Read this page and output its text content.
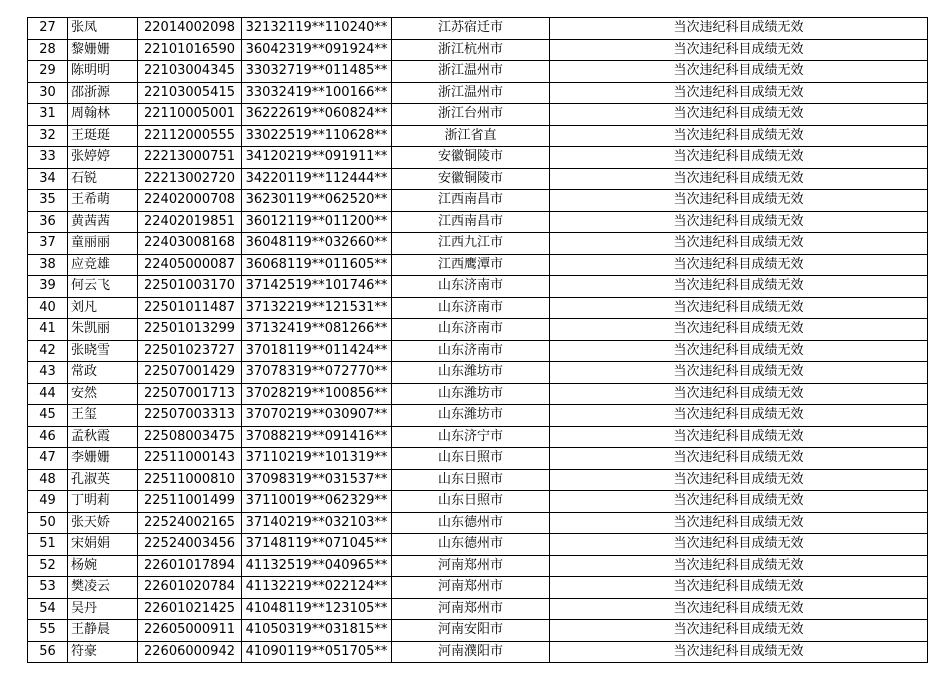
27	张凤	22014002098	32132119**110240**	江苏宿迁市	当次违纪科目成绩无效
28	黎姗姗	22101016590	36042319**091924**	浙江杭州市	当次违纪科目成绩无效
29	陈明明	22103004345	33032719**011485**	浙江温州市	当次违纪科目成绩无效
30	邵浙源	22103005415	33032419**100166**	浙江温州市	当次违纪科目成绩无效
31	周翰林	22110005001	36222619**060824**	浙江台州市	当次违纪科目成绩无效
32	王珽珽	22112000555	33022519**110628**	浙江省直	当次违纪科目成绩无效
33	张婷婷	22213000751	34120219**091911**	安徽铜陵市	当次违纪科目成绩无效
34	石锐	22213002720	34220119**112444**	安徽铜陵市	当次违纪科目成绩无效
35	王希萌	22402000708	36230119**062520**	江西南昌市	当次违纪科目成绩无效
36	黄茜茜	22402019851	36012119**011200**	江西南昌市	当次违纪科目成绩无效
37	童丽丽	22403008168	36048119**032660**	江西九江市	当次违纪科目成绩无效
38	应竞雄	22405000087	36068119**011605**	江西鹰潭市	当次违纪科目成绩无效
39	何云飞	22501003170	37142519**101746**	山东济南市	当次违纪科目成绩无效
40	刘凡	22501011487	37132219**121531**	山东济南市	当次违纪科目成绩无效
41	朱凯丽	22501013299	37132419**081266**	山东济南市	当次违纪科目成绩无效
42	张晓雪	22501023727	37018119**011424**	山东济南市	当次违纪科目成绩无效
43	常政	22507001429	37078319**072770**	山东潍坊市	当次违纪科目成绩无效
44	安然	22507001713	37028219**100856**	山东潍坊市	当次违纪科目成绩无效
45	王玺	22507003313	37070219**030907**	山东潍坊市	当次违纪科目成绩无效
46	孟秋霞	22508003475	37088219**091416**	山东济宁市	当次违纪科目成绩无效
47	李姗姗	22511000143	37110219**101319**	山东日照市	当次违纪科目成绩无效
48	孔淑英	22511000810	37098319**031537**	山东日照市	当次违纪科目成绩无效
49	丁明莉	22511001499	37110019**062329**	山东日照市	当次违纪科目成绩无效
50	张天娇	22524002165	37140219**032103**	山东德州市	当次违纪科目成绩无效
51	宋娟娟	22524003456	37148119**071045**	山东德州市	当次违纪科目成绩无效
52	杨婉	22601017894	41132519**040965**	河南郑州市	当次违纪科目成绩无效
53	樊凌云	22601020784	41132219**022124**	河南郑州市	当次违纪科目成绩无效
54	吴丹	22601021425	41048119**123105**	河南郑州市	当次违纪科目成绩无效
55	王静晨	22605000911	41050319**031815**	河南安阳市	当次违纪科目成绩无效
56	符豪	22606000942	41090119**051705**	河南濮阳市	当次违纪科目成绩无效
